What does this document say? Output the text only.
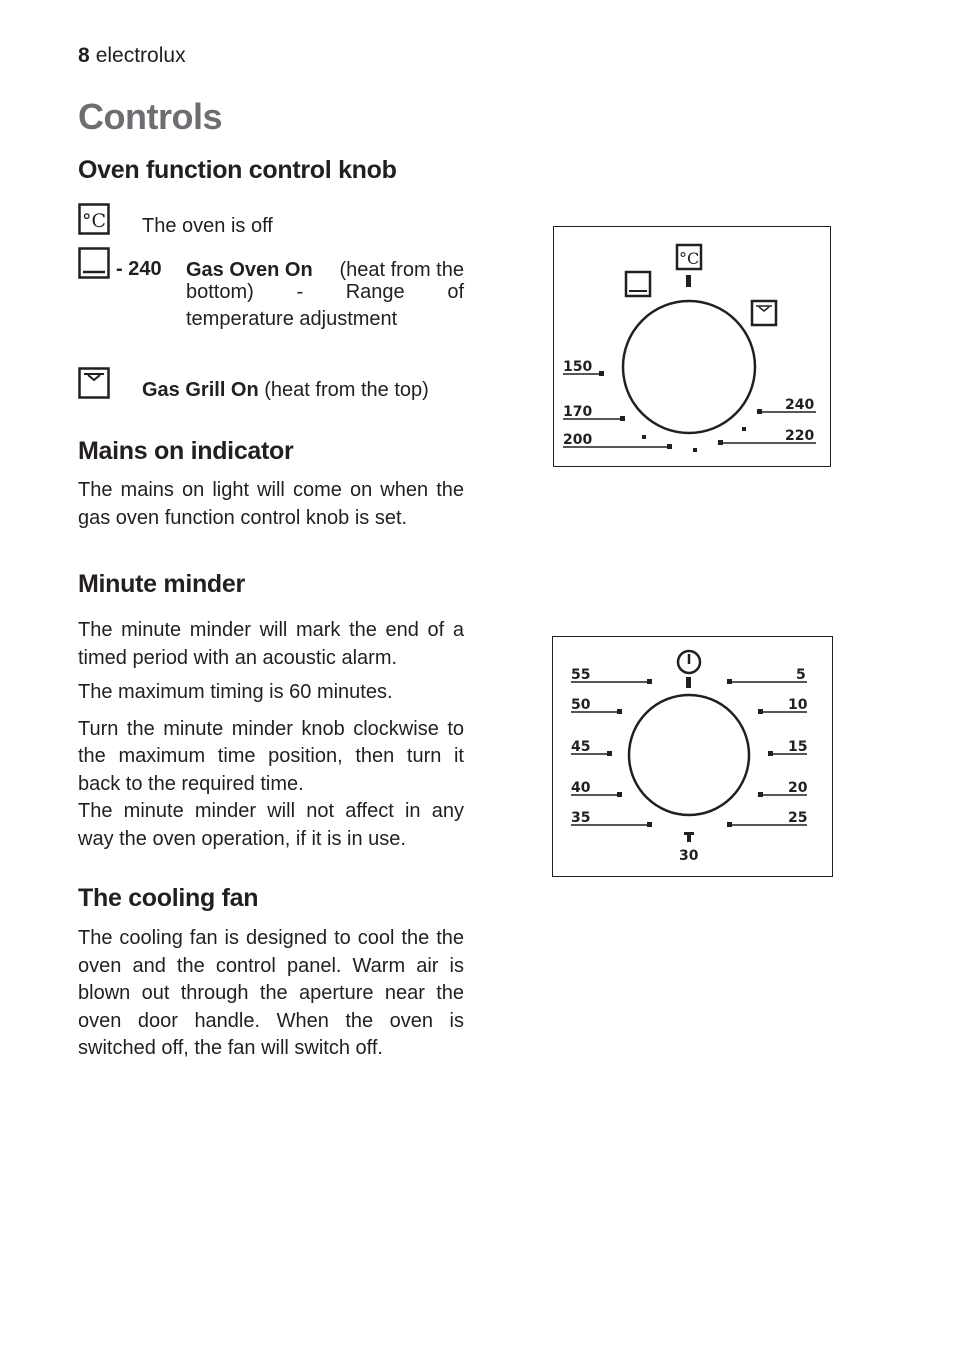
8 electrolux
Controls
Oven function control knob
°C The oven is off
- 240 Gas Oven On (heat from the
bottom) - Range of
temperature adjustment
Gas Grill On (heat from the top)
°C
150
170
200
240
220
Mains on indicator
The mains on light will come on when the gas oven function control knob is set.
Minute minder

The minute minder will mark the end of a timed period with an acoustic alarm.

The maximum timing is 60 minutes.

Turn the minute minder knob clockwise to the maximum time position, then turn it back to the required time.

The minute minder will not affect in any way the oven operation, if it is in use.

30
55
50
45
40
35
5
10
15
20
25
The cooling fan
The cooling fan is designed to cool the the oven and the control panel. Warm air is blown out through the aperture near the oven door handle. When the oven is switched off, the fan will switch off.
